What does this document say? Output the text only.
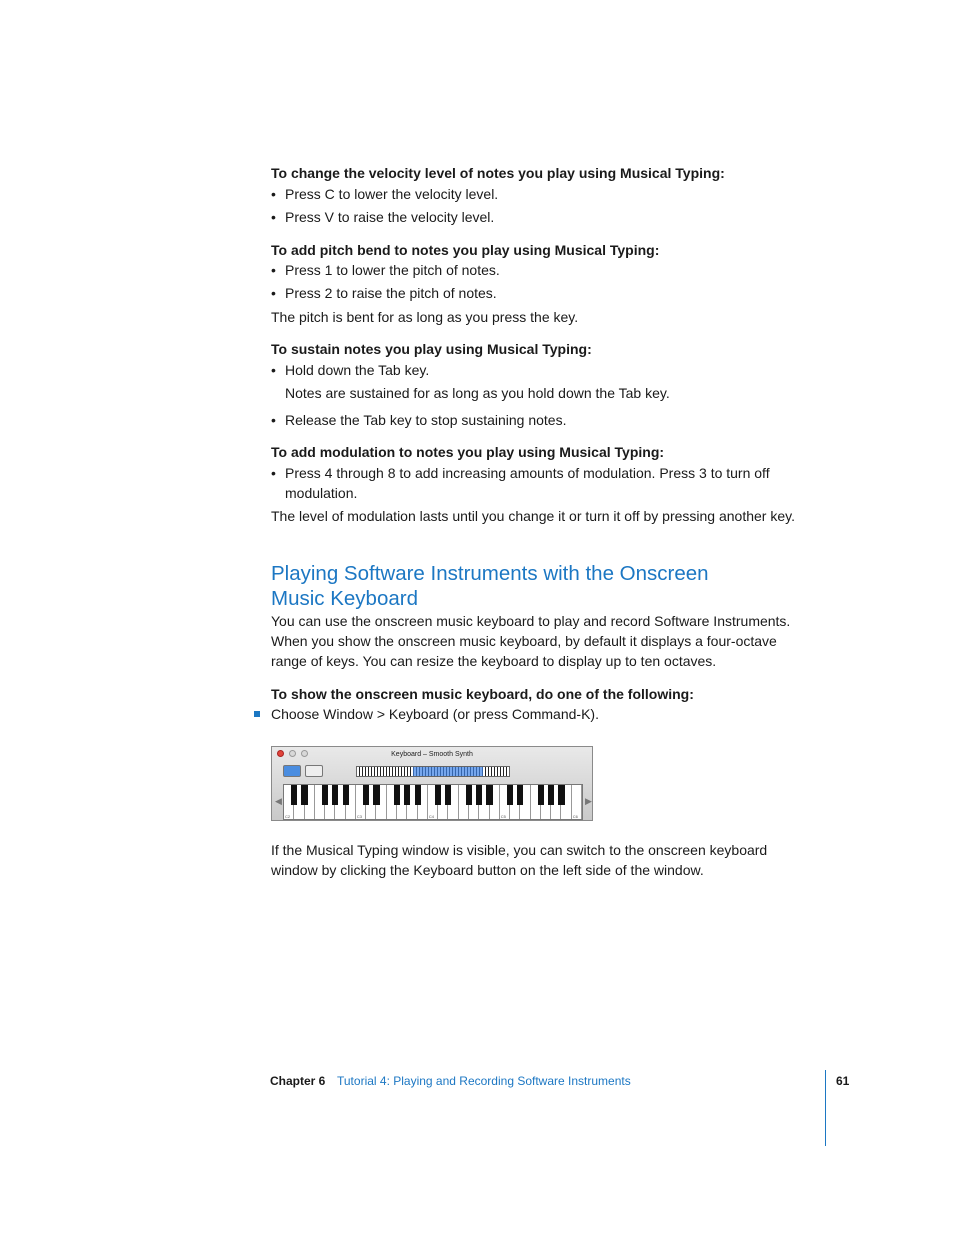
To change the velocity level of notes you play using Musical Typing:
• Press C to lower the velocity level.
• Press V to raise the velocity level.
To add pitch bend to notes you play using Musical Typing:
• Press 1 to lower the pitch of notes.
• Press 2 to raise the pitch of notes.
The pitch is bent for as long as you press the key.
To sustain notes you play using Musical Typing:
• Hold down the Tab key.
Notes are sustained for as long as you hold down the Tab key.
• Release the Tab key to stop sustaining notes.
To add modulation to notes you play using Musical Typing:
• Press 4 through 8 to add increasing amounts of modulation. Press 3 to turn off
modulation.
The level of modulation lasts until you change it or turn it off by pressing another key.
Playing Software Instruments with the Onscreen
Music Keyboard
You can use the onscreen music keyboard to play and record Software Instruments.
When you show the onscreen music keyboard, by default it displays a four-octave
range of keys. You can resize the keyboard to display up to ten octaves.
To show the onscreen music keyboard, do one of the following:
Choose Window > Keyboard (or press Command-K).
Keyboard – Smooth Synth
◀	▶
C2	C3	C4	C5	C6
If the Musical Typing window is visible, you can switch to the onscreen keyboard
window by clicking the Keyboard button on the left side of the window.
Chapter 6 Tutorial 4: Playing and Recording Software Instruments	61
